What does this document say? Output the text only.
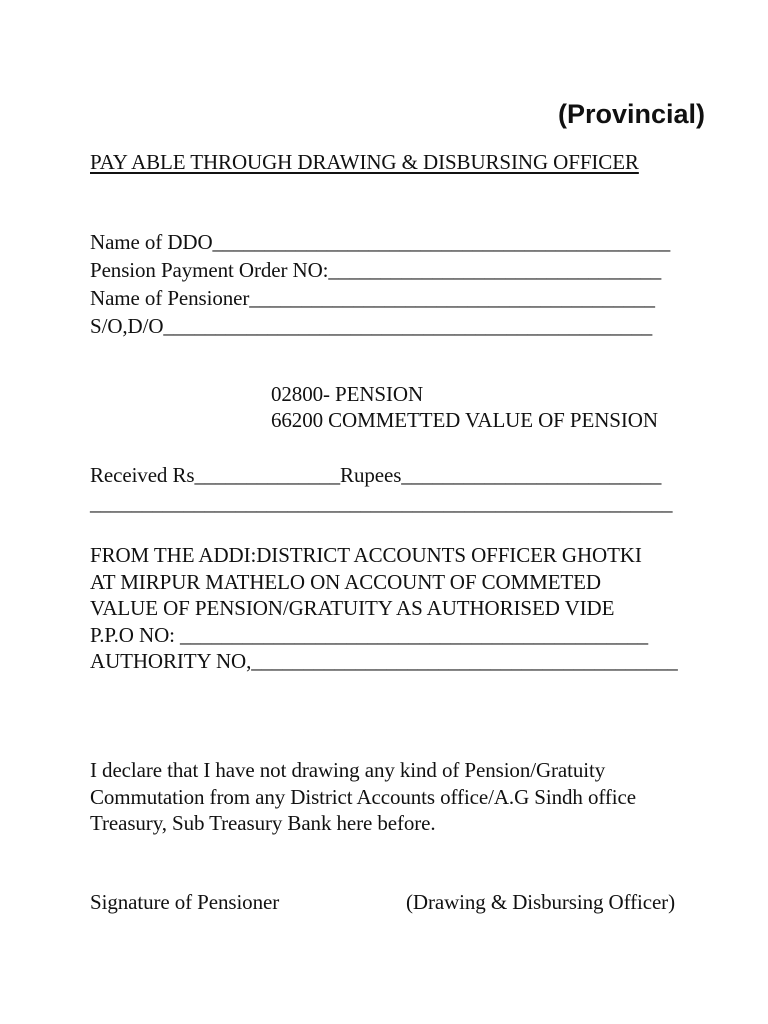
(Provincial)
PAY ABLE THROUGH DRAWING & DISBURSING OFFICER
Name of DDO____________________________________________
Pension Payment Order NO:________________________________
Name of Pensioner_______________________________________
S/O,D/O_______________________________________________
02800- PENSION
66200 COMMETTED VALUE OF PENSION
Received Rs______________Rupees_________________________
________________________________________________________
FROM THE ADDI:DISTRICT ACCOUNTS OFFICER GHOTKI
AT MIRPUR MATHELO ON ACCOUNT OF COMMETED
VALUE OF PENSION/GRATUITY AS AUTHORISED VIDE
P.P.O NO: _____________________________________________
AUTHORITY NO,_________________________________________
I declare that I have not drawing any kind of Pension/Gratuity
Commutation from any District Accounts office/A.G Sindh office
Treasury, Sub Treasury Bank here before.
Signature of Pensioner	(Drawing & Disbursing Officer)
